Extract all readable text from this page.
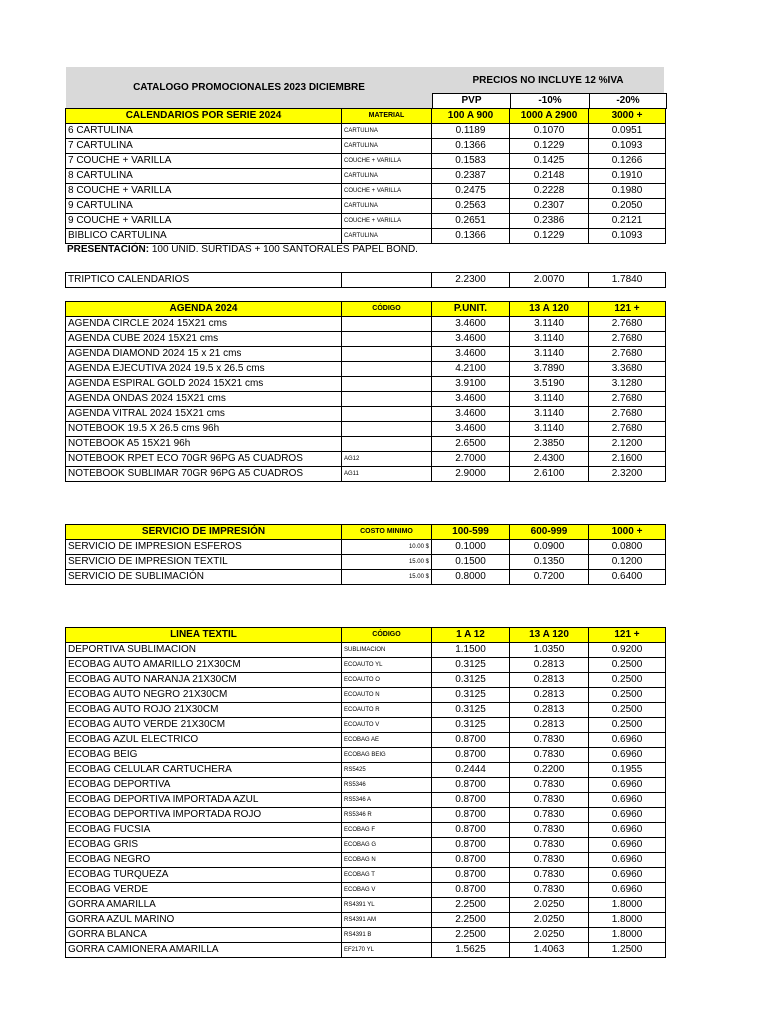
CATALOGO PROMOCIONALES 2023 DICIEMBRE
PRECIOS NO INCLUYE 12 %IVA
PVP	-10%	-20%
CALENDARIOS POR SERIE 2024	MATERIAL	100 A 900	1000 A 2900	3000 +
6 CARTULINA	CARTULINA	0.1189	0.1070	0.0951
7 CARTULINA	CARTULINA	0.1366	0.1229	0.1093
7 COUCHE + VARILLA	COUCHE + VARILLA	0.1583	0.1425	0.1266
8 CARTULINA	CARTULINA	0.2387	0.2148	0.1910
8 COUCHE + VARILLA	COUCHE + VARILLA	0.2475	0.2228	0.1980
9 CARTULINA	CARTULINA	0.2563	0.2307	0.2050
9 COUCHE + VARILLA	COUCHE + VARILLA	0.2651	0.2386	0.2121
BIBLICO CARTULINA	CARTULINA	0.1366	0.1229	0.1093
PRESENTACIÓN: 100 UNID. SURTIDAS + 100 SANTORALES PAPEL BOND.
TRIPTICO CALENDARIOS		2.2300	2.0070	1.7840
AGENDA 2024	CÓDIGO	P.UNIT.	13 A 120	121 +
AGENDA CIRCLE 2024 15X21 cms		3.4600	3.1140	2.7680
AGENDA CUBE 2024 15X21 cms		3.4600	3.1140	2.7680
AGENDA DIAMOND 2024 15 x 21 cms		3.4600	3.1140	2.7680
AGENDA EJECUTIVA 2024 19.5 x 26.5 cms		4.2100	3.7890	3.3680
AGENDA ESPIRAL GOLD 2024 15X21 cms		3.9100	3.5190	3.1280
AGENDA ONDAS 2024 15X21 cms		3.4600	3.1140	2.7680
AGENDA VITRAL 2024 15X21 cms		3.4600	3.1140	2.7680
NOTEBOOK 19.5 X 26.5 cms 96h		3.4600	3.1140	2.7680
NOTEBOOK A5 15X21 96h		2.6500	2.3850	2.1200
NOTEBOOK RPET ECO 70GR 96PG A5 CUADROS	AG12	2.7000	2.4300	2.1600
NOTEBOOK SUBLIMAR 70GR 96PG A5 CUADROS	AG11	2.9000	2.6100	2.3200
SERVICIO DE IMPRESIÓN	COSTO MINIMO	100-599	600-999	1000 +
SERVICIO DE IMPRESION ESFEROS	10.00 $	0.1000	0.0900	0.0800
SERVICIO DE IMPRESION TEXTIL	15.00 $	0.1500	0.1350	0.1200
SERVICIO DE SUBLIMACIÓN	15.00 $	0.8000	0.7200	0.6400
LINEA TEXTIL	CÓDIGO	1 A 12	13 A 120	121 +
DEPORTIVA SUBLIMACION	SUBLIMACION	1.1500	1.0350	0.9200
ECOBAG AUTO AMARILLO 21X30CM	ECOAUTO YL	0.3125	0.2813	0.2500
ECOBAG AUTO NARANJA 21X30CM	ECOAUTO O	0.3125	0.2813	0.2500
ECOBAG AUTO NEGRO 21X30CM	ECOAUTO N	0.3125	0.2813	0.2500
ECOBAG AUTO ROJO 21X30CM	ECOAUTO R	0.3125	0.2813	0.2500
ECOBAG AUTO VERDE 21X30CM	ECOAUTO V	0.3125	0.2813	0.2500
ECOBAG AZUL ELECTRICO	ECOBAG AE	0.8700	0.7830	0.6960
ECOBAG BEIG	ECOBAG BEIG	0.8700	0.7830	0.6960
ECOBAG CELULAR CARTUCHERA	RS5425	0.2444	0.2200	0.1955
ECOBAG DEPORTIVA	RS5346	0.8700	0.7830	0.6960
ECOBAG DEPORTIVA IMPORTADA AZUL	RS5346 A	0.8700	0.7830	0.6960
ECOBAG DEPORTIVA IMPORTADA ROJO	RS5346 R	0.8700	0.7830	0.6960
ECOBAG FUCSIA	ECOBAG F	0.8700	0.7830	0.6960
ECOBAG GRIS	ECOBAG G	0.8700	0.7830	0.6960
ECOBAG NEGRO	ECOBAG N	0.8700	0.7830	0.6960
ECOBAG TURQUEZA	ECOBAG T	0.8700	0.7830	0.6960
ECOBAG VERDE	ECOBAG V	0.8700	0.7830	0.6960
GORRA AMARILLA	RS4391 YL	2.2500	2.0250	1.8000
GORRA AZUL MARINO	RS4391 AM	2.2500	2.0250	1.8000
GORRA BLANCA	RS4391 B	2.2500	2.0250	1.8000
GORRA CAMIONERA AMARILLA	EF2170 YL	1.5625	1.4063	1.2500
